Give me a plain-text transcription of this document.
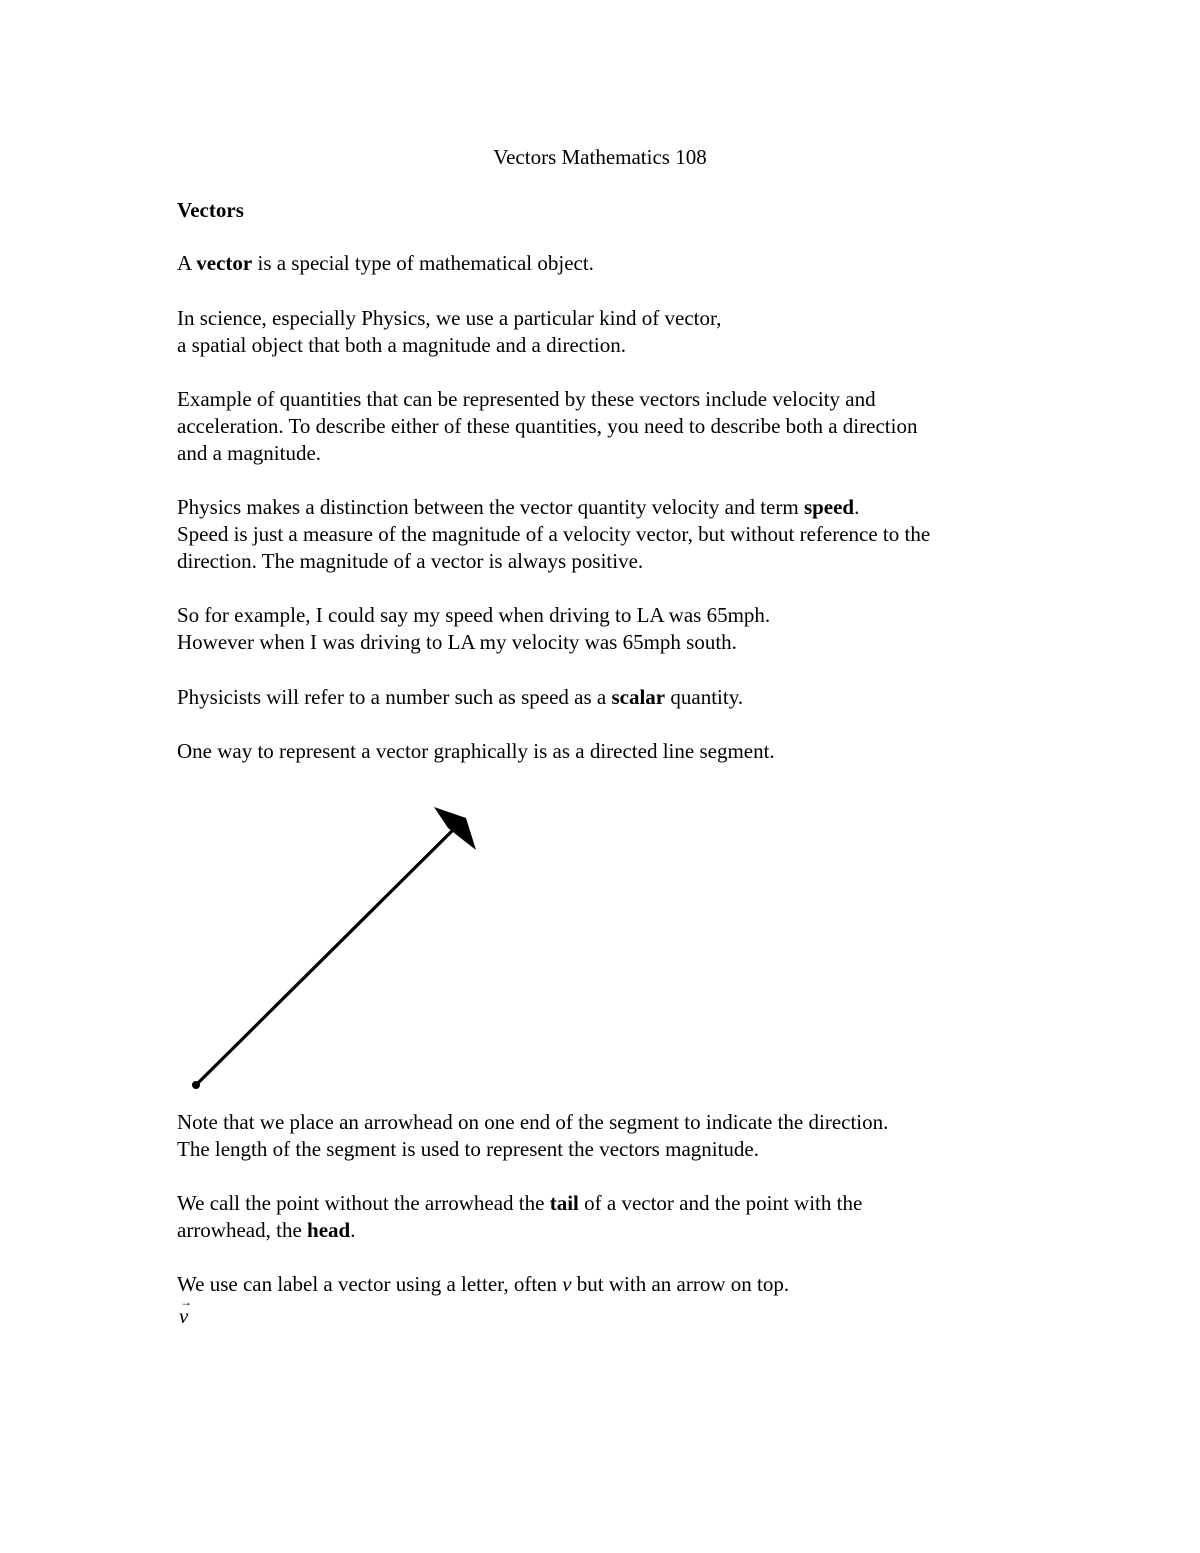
Vectors Mathematics 108
Vectors
A vector is a special type of mathematical object.
In science, especially Physics, we use a particular kind of vector,
a spatial object that both a magnitude and a direction.
Example of quantities that can be represented by these vectors include velocity and
acceleration. To describe either of these quantities, you need to describe both a direction
and a magnitude.
Physics makes a distinction between the vector quantity velocity and term speed.
Speed is just a measure of the magnitude of a velocity vector, but without reference to the
direction. The magnitude of a vector is always positive.
So for example, I could say my speed when driving to LA was 65mph.
However when I was driving to LA my velocity was 65mph south.
Physicists will refer to a number such as speed as a scalar quantity.
One way to represent a vector graphically is as a directed line segment.
Note that we place an arrowhead on one end of the segment to indicate the direction.
The length of the segment is used to represent the vectors magnitude.
We call the point without the arrowhead the tail of a vector and the point with the
arrowhead, the head.
We use can label a vector using a letter, often v but with an arrow on top.
→
v
